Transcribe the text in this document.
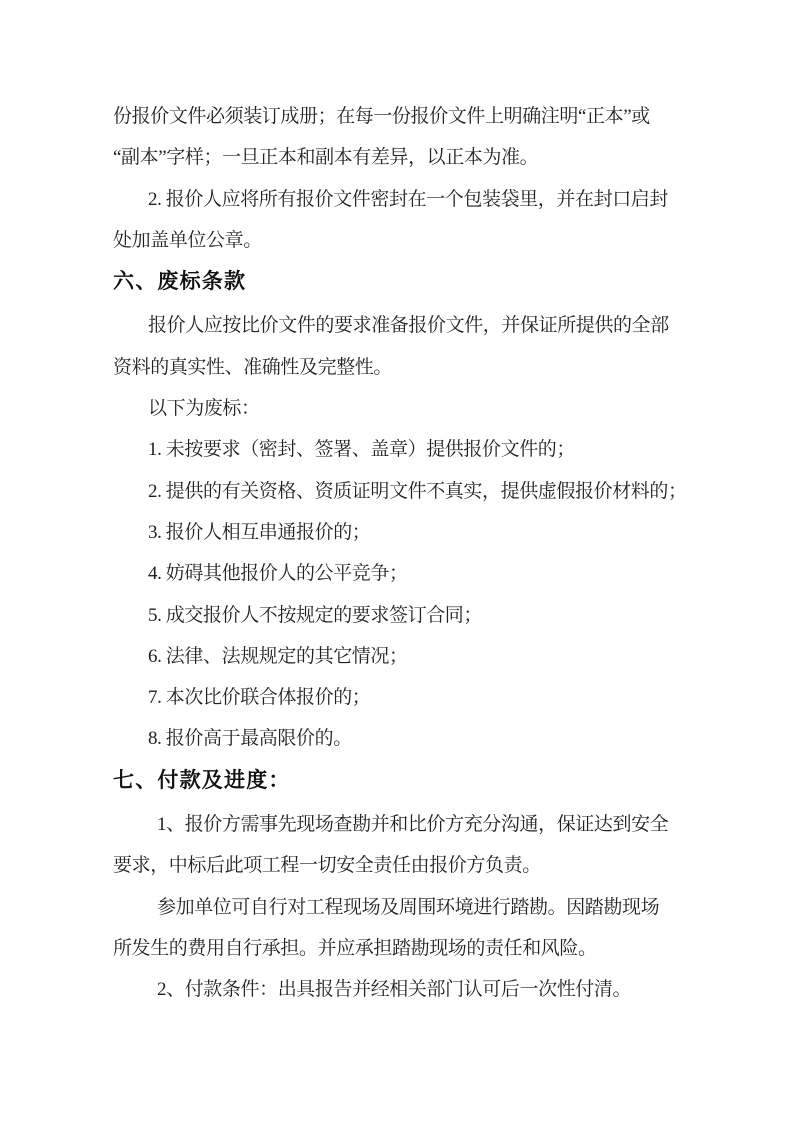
份报价文件必须装订成册；在每一份报价文件上明确注明“正本”或
“副本”字样；一旦正本和副本有差异，以正本为准。
2. 报价人应将所有报价文件密封在一个包装袋里，并在封口启封
处加盖单位公章。
六、废标条款
报价人应按比价文件的要求准备报价文件，并保证所提供的全部
资料的真实性、准确性及完整性。
以下为废标：
1. 未按要求（密封、签署、盖章）提供报价文件的；
2. 提供的有关资格、资质证明文件不真实，提供虚假报价材料的；
3. 报价人相互串通报价的；
4. 妨碍其他报价人的公平竞争；
5. 成交报价人不按规定的要求签订合同；
6. 法律、法规规定的其它情况；
7. 本次比价联合体报价的；
8. 报价高于最高限价的。
七、付款及进度：
1、报价方需事先现场查勘并和比价方充分沟通，保证达到安全
要求，中标后此项工程一切安全责任由报价方负责。
参加单位可自行对工程现场及周围环境进行踏勘。因踏勘现场
所发生的费用自行承担。并应承担踏勘现场的责任和风险。
2、付款条件：出具报告并经相关部门认可后一次性付清。
